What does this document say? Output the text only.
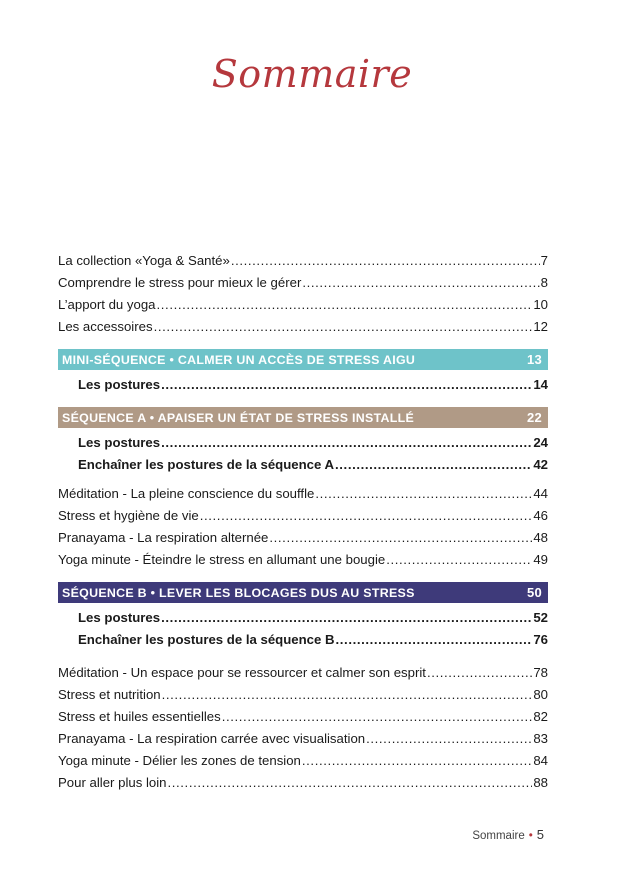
Sommaire
La collection «Yoga & Santé» .....	7
Comprendre le stress pour mieux le gérer .....	8
L’apport du yoga .....	10
Les accessoires .....	12
MINI-SÉQUENCE • CALMER UN ACCÈS DE STRESS AIGU	13
Les postures .....	14
SÉQUENCE A • APAISER UN ÉTAT DE STRESS INSTALLÉ	22
Les postures .....	24
Enchaîner les postures de la séquence A .....	42
Méditation - La pleine conscience du souffle .....	44
Stress et hygiène de vie .....	46
Pranayama - La respiration alternée .....	48
Yoga minute - Éteindre le stress en allumant une bougie .....	49
SÉQUENCE B • LEVER LES BLOCAGES DUS AU STRESS	50
Les postures .....	52
Enchaîner les postures de la séquence B .....	76
Méditation - Un espace pour se ressourcer et calmer son esprit .....	78
Stress et nutrition .....	80
Stress et huiles essentielles .....	82
Pranayama - La respiration carrée avec visualisation .....	83
Yoga minute - Délier les zones de tension .....	84
Pour aller plus loin .....	88
Sommaire • 5
